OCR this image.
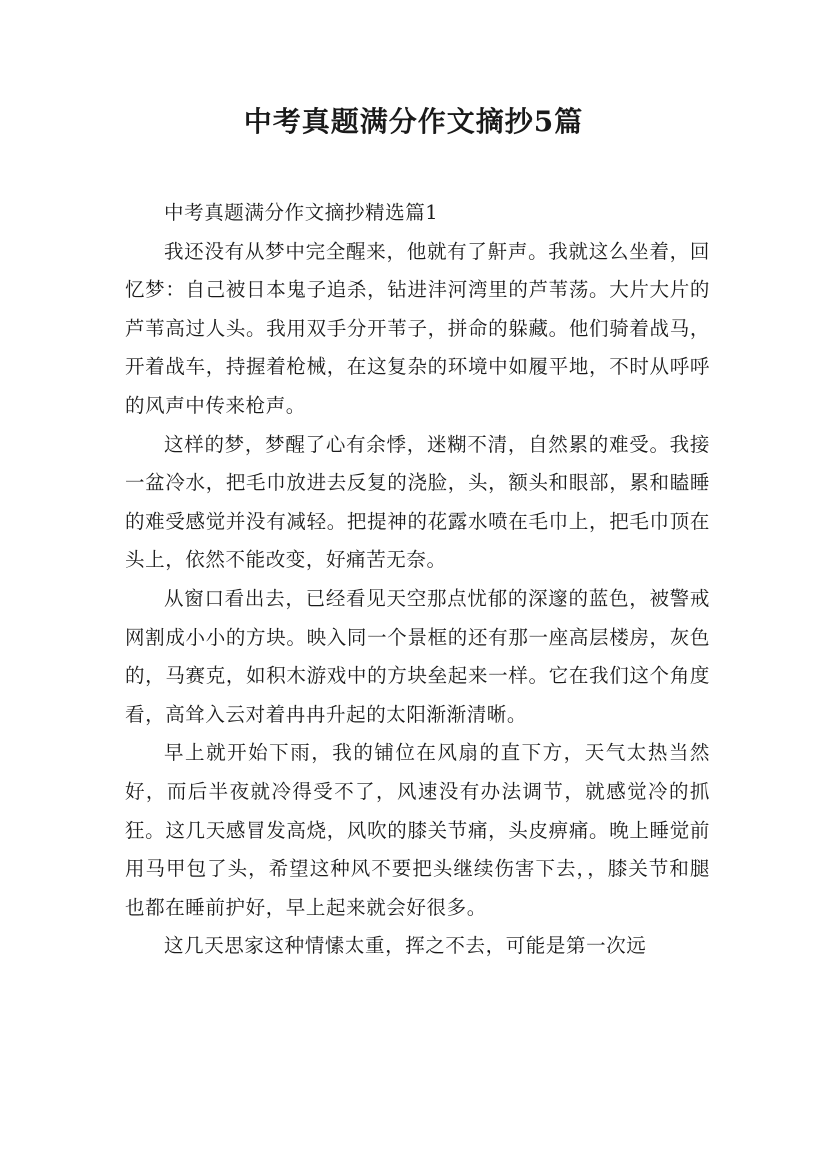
中考真题满分作文摘抄5篇

中考真题满分作文摘抄精选篇1

我还没有从梦中完全醒来，他就有了鼾声。我就这么坐着，回忆梦：自己被日本鬼子追杀，钻进沣河湾里的芦苇荡。大片大片的芦苇高过人头。我用双手分开苇子，拼命的躲藏。他们骑着战马，开着战车，持握着枪械，在这复杂的环境中如履平地，不时从呼呼的风声中传来枪声。

这样的梦，梦醒了心有余悸，迷糊不清，自然累的难受。我接一盆冷水，把毛巾放进去反复的浇脸，头，额头和眼部，累和瞌睡的难受感觉并没有减轻。把提神的花露水喷在毛巾上，把毛巾顶在头上，依然不能改变，好痛苦无奈。

从窗口看出去，已经看见天空那点忧郁的深邃的蓝色，被警戒网割成小小的方块。映入同一个景框的还有那一座高层楼房，灰色的，马赛克，如积木游戏中的方块垒起来一样。它在我们这个角度看，高耸入云对着冉冉升起的太阳渐渐清晰。

早上就开始下雨，我的铺位在风扇的直下方，天气太热当然好，而后半夜就冷得受不了，风速没有办法调节，就感觉冷的抓狂。这几天感冒发高烧，风吹的膝关节痛，头皮痹痛。晚上睡觉前用马甲包了头，希望这种风不要把头继续伤害下去，，膝关节和腿也都在睡前护好，早上起来就会好很多。

这几天思家这种情愫太重，挥之不去，可能是第一次远
